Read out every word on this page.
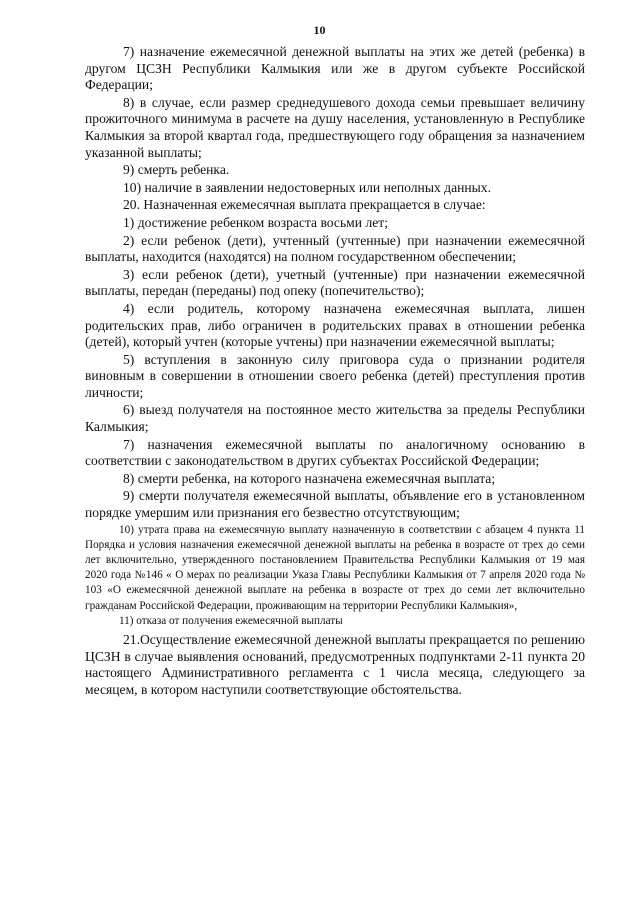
10

7) назначение ежемесячной денежной выплаты на этих же детей (ребенка) в другом ЦСЗН Республики Калмыкия или же в другом субъекте Российской Федерации;

8) в случае, если размер среднедушевого дохода семьи превышает величину прожиточного минимума в расчете на душу населения, установленную в Республике Калмыкия за второй квартал года, предшествующего году обращения за назначением указанной выплаты;

9) смерть ребенка.

10) наличие в заявлении недостоверных или неполных данных.

20. Назначенная ежемесячная выплата прекращается в случае:

1) достижение ребенком возраста восьми лет;

2) если ребенок (дети), учтенный (учтенные) при назначении ежемесячной выплаты, находится (находятся) на полном государственном обеспечении;

3) если ребенок (дети), учетный (учтенные) при назначении ежемесячной выплаты, передан (переданы) под опеку (попечительство);

4) если родитель, которому назначена ежемесячная выплата, лишен родительских прав, либо ограничен в родительских правах в отношении ребенка (детей), который учтен (которые учтены) при назначении ежемесячной выплаты;

5) вступления в законную силу приговора суда о признании родителя виновным в совершении в отношении своего ребенка (детей) преступления против личности;

6) выезд получателя на постоянное место жительства за пределы Республики Калмыкия;

7) назначения ежемесячной выплаты по аналогичному основанию в соответствии с законодательством в других субъектах Российской Федерации;

8) смерти ребенка, на которого назначена ежемесячная выплата;

9) смерти получателя ежемесячной выплаты, объявление его в установленном порядке умершим или признания его безвестно отсутствующим;

10) утрата права на ежемесячную выплату назначенную в соответствии с абзацем 4 пункта 11 Порядка и условия назначения ежемесячной денежной выплаты на ребенка в возрасте от трех до семи лет включительно, утвержденного постановлением Правительства Республики Калмыкия от 19 мая 2020 года №146 « О мерах по реализации Указа Главы Республики Калмыкия от 7 апреля 2020 года № 103 «О ежемесячной денежной выплате на ребенка в возрасте от трех до семи лет включительно гражданам Российской Федерации, проживающим на территории Республики Калмыкия»,

11) отказа от получения ежемесячной выплаты

21.Осуществление ежемесячной денежной выплаты прекращается по решению ЦСЗН в случае выявления оснований, предусмотренных подпунктами 2-11 пункта 20 настоящего Административного регламента с 1 числа месяца, следующего за месяцем, в котором наступили соответствующие обстоятельства.
